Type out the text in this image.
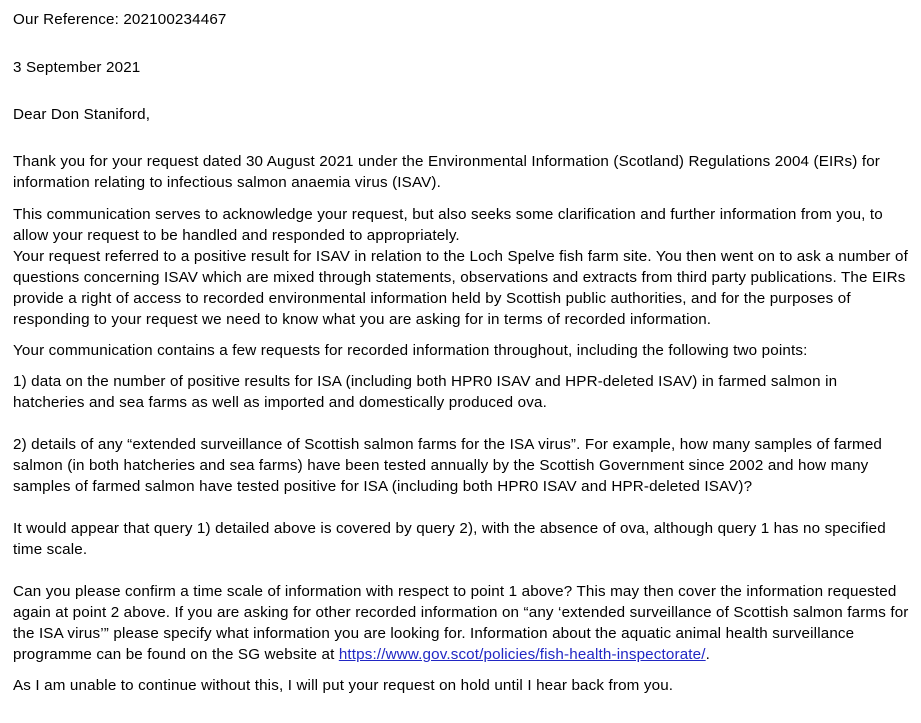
Our Reference: 202100234467
3 September 2021
Dear Don Staniford,

Thank you for your request dated 30 August 2021 under the Environmental Information (Scotland) Regulations 2004 (EIRs) for information relating to infectious salmon anaemia virus (ISAV).

This communication serves to acknowledge your request, but also seeks some clarification and further information from you, to allow your request to be handled and responded to appropriately.

Your request referred to a positive result for ISAV in relation to the Loch Spelve fish farm site. You then went on to ask a number of questions concerning ISAV which are mixed through statements, observations and extracts from third party publications. The EIRs provide a right of access to recorded environmental information held by Scottish public authorities, and for the purposes of responding to your request we need to know what you are asking for in terms of recorded information.

Your communication contains a few requests for recorded information throughout, including the following two points:

1) data on the number of positive results for ISA (including both HPR0 ISAV and HPR-deleted ISAV) in farmed salmon in hatcheries and sea farms as well as imported and domestically produced ova.

2) details of any “extended surveillance of Scottish salmon farms for the ISA virus”. For example, how many samples of farmed salmon (in both hatcheries and sea farms) have been tested annually by the Scottish Government since 2002 and how many samples of farmed salmon have tested positive for ISA (including both HPR0 ISAV and HPR-deleted ISAV)?

It would appear that query 1) detailed above is covered by query 2), with the absence of ova, although query 1 has no specified time scale.

Can you please confirm a time scale of information with respect to point 1 above? This may then cover the information requested again at point 2 above. If you are asking for other recorded information on “any ‘extended surveillance of Scottish salmon farms for the ISA virus’” please specify what information you are looking for. Information about the aquatic animal health surveillance programme can be found on the SG website at https://www.gov.scot/policies/fish-health-inspectorate/.

As I am unable to continue without this, I will put your request on hold until I hear back from you.
